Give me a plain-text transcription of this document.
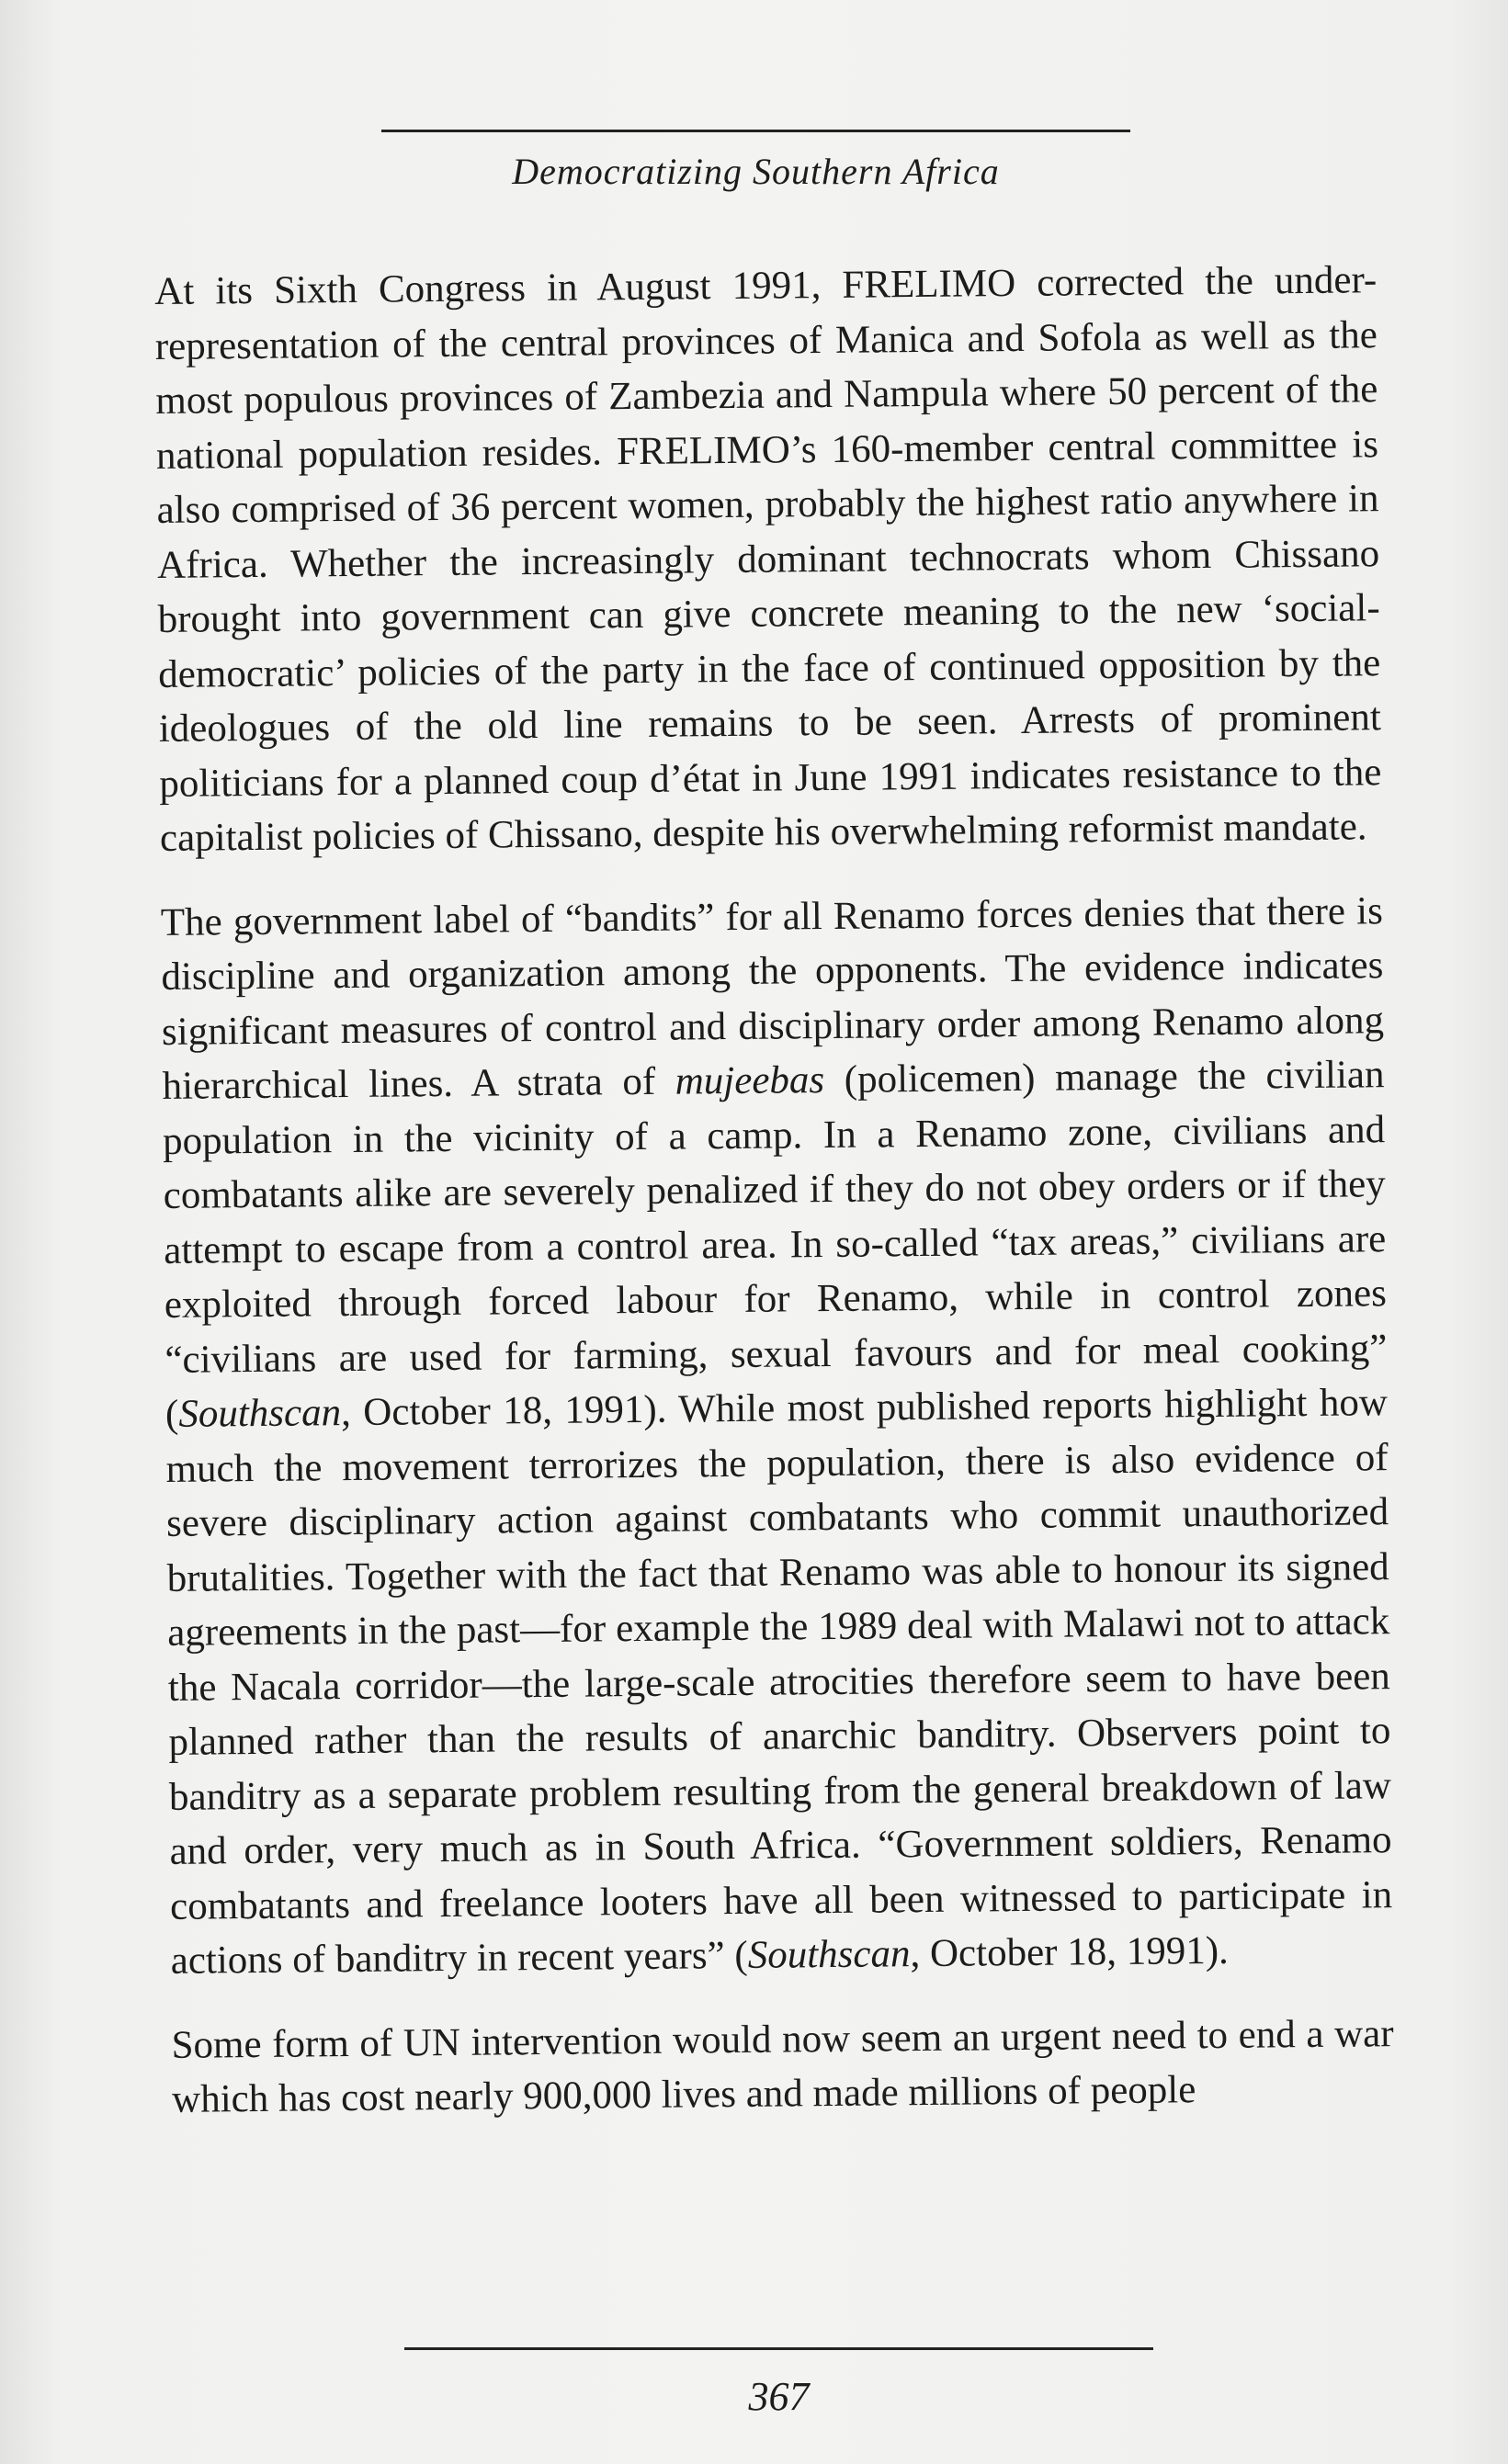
Democratizing Southern Africa

At its Sixth Congress in August 1991, FRELIMO corrected the under-representation of the central provinces of Manica and Sofola as well as the most populous provinces of Zambezia and Nampula where 50 percent of the national population resides. FRELIMO’s 160-member central committee is also comprised of 36 percent women, probably the highest ratio anywhere in Africa. Whether the increasingly dominant technocrats whom Chissano brought into government can give concrete meaning to the new ‘social-democratic’ policies of the party in the face of continued opposition by the ideologues of the old line remains to be seen. Arrests of prominent politicians for a planned coup d’état in June 1991 indicates resistance to the capitalist policies of Chissano, despite his overwhelming reformist mandate.

The government label of “bandits” for all Renamo forces denies that there is discipline and organization among the opponents. The evidence indicates significant measures of control and disciplinary order among Renamo along hierarchical lines. A strata of mujeebas (policemen) manage the civilian population in the vicinity of a camp. In a Renamo zone, civilians and combatants alike are severely penalized if they do not obey orders or if they attempt to escape from a control area. In so-called “tax areas,” civilians are exploited through forced labour for Renamo, while in control zones “civilians are used for farming, sexual favours and for meal cooking” (Southscan, October 18, 1991). While most published reports highlight how much the movement terrorizes the population, there is also evidence of severe disciplinary action against combatants who commit unauthorized brutalities. Together with the fact that Renamo was able to honour its signed agreements in the past—for example the 1989 deal with Malawi not to attack the Nacala corridor—the large-scale atrocities therefore seem to have been planned rather than the results of anarchic banditry. Observers point to banditry as a separate problem resulting from the general breakdown of law and order, very much as in South Africa. “Government soldiers, Renamo combatants and freelance looters have all been witnessed to participate in actions of banditry in recent years” (Southscan, October 18, 1991).

Some form of UN intervention would now seem an urgent need to end a war which has cost nearly 900,000 lives and made millions of people

367
